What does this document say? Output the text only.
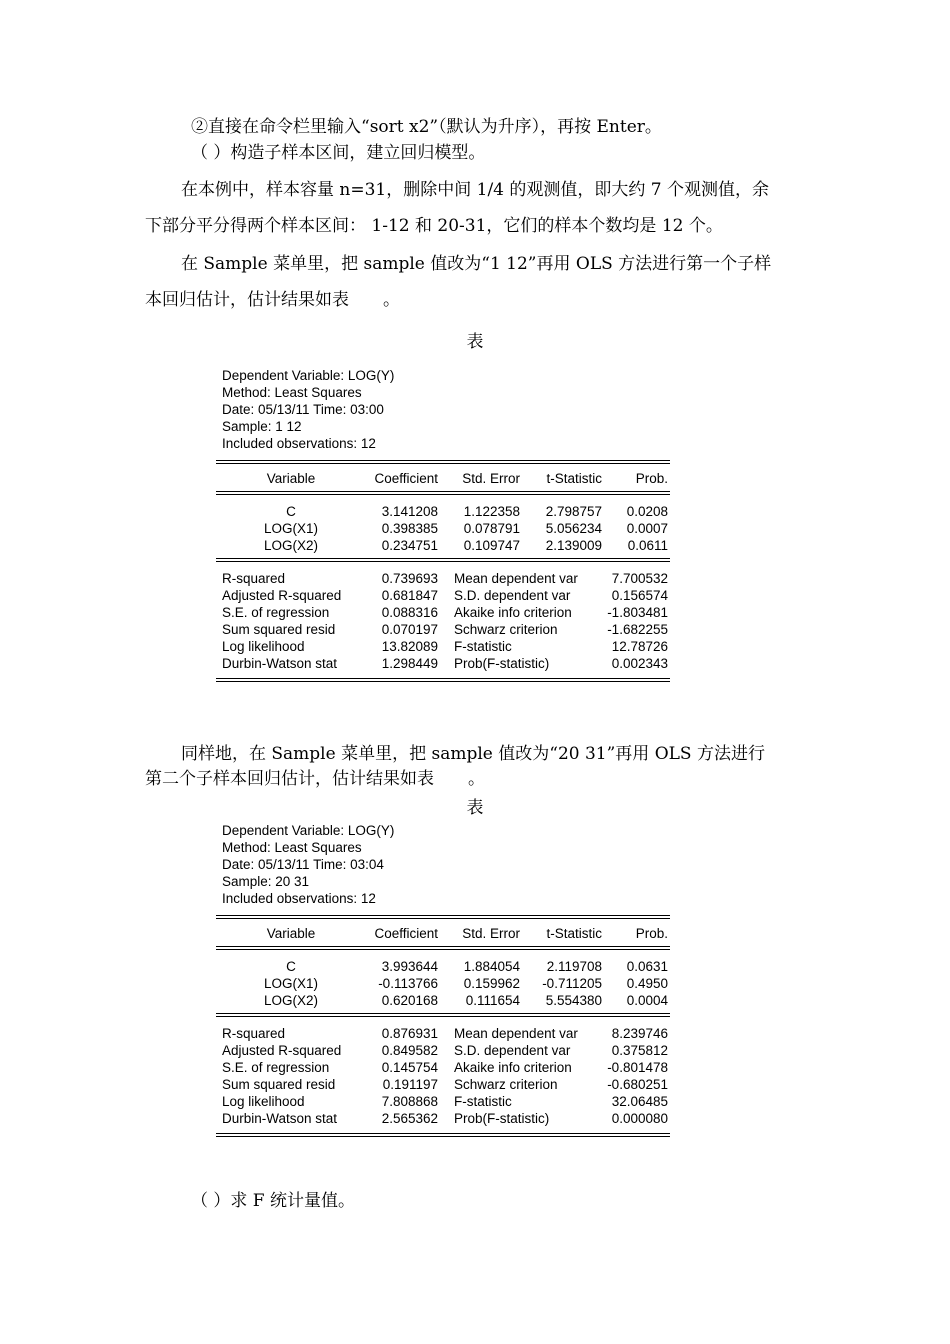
②直接在命令栏里输入“sort x2”（默认为升序），再按 Enter。
（ ）构造子样本区间，建立回归模型。
在本例中，样本容量 n=31，删除中间 1/4 的观测值，即大约 7 个观测值，余
下部分平分得两个样本区间： 1-12 和 20-31，它们的样本个数均是 12 个。
在 Sample 菜单里，把 sample 值改为“1 12”再用 OLS 方法进行第一个子样
本回归估计，估计结果如表　　。
表
Dependent Variable: LOG(Y)
Method: Least Squares
Date: 05/13/11 Time: 03:00
Sample: 1 12
Included observations: 12
Variable	Coefficient Std. Error t-Statistic Prob.
C	3.141208 1.122358 2.798757 0.0208
LOG(X1)	0.398385 0.078791 5.056234 0.0007
LOG(X2)	0.234751 0.109747 2.139009 0.0611
R-squared	0.739693 Mean dependent var	7.700532
Adjusted R-squared	0.681847 S.D. dependent var	0.156574
S.E. of regression	0.088316 Akaike info criterion	-1.803481
Sum squared resid	0.070197 Schwarz criterion	-1.682255
Log likelihood	13.82089 F-statistic	12.78726
Durbin-Watson stat	1.298449 Prob(F-statistic)	0.002343
同样地，在 Sample 菜单里，把 sample 值改为“20 31”再用 OLS 方法进行
第二个子样本回归估计，估计结果如表　　。
表
Dependent Variable: LOG(Y)
Method: Least Squares
Date: 05/13/11 Time: 03:04
Sample: 20 31
Included observations: 12
Variable	Coefficient Std. Error t-Statistic Prob.
C	3.993644 1.884054 2.119708 0.0631
LOG(X1)	-0.113766 0.159962 -0.711205 0.4950
LOG(X2)	0.620168 0.111654 5.554380 0.0004
R-squared	0.876931 Mean dependent var	8.239746
Adjusted R-squared	0.849582 S.D. dependent var	0.375812
S.E. of regression	0.145754 Akaike info criterion	-0.801478
Sum squared resid	0.191197 Schwarz criterion	-0.680251
Log likelihood	7.808868 F-statistic	32.06485
Durbin-Watson stat	2.565362 Prob(F-statistic)	0.000080
（ ）求 F 统计量值。
